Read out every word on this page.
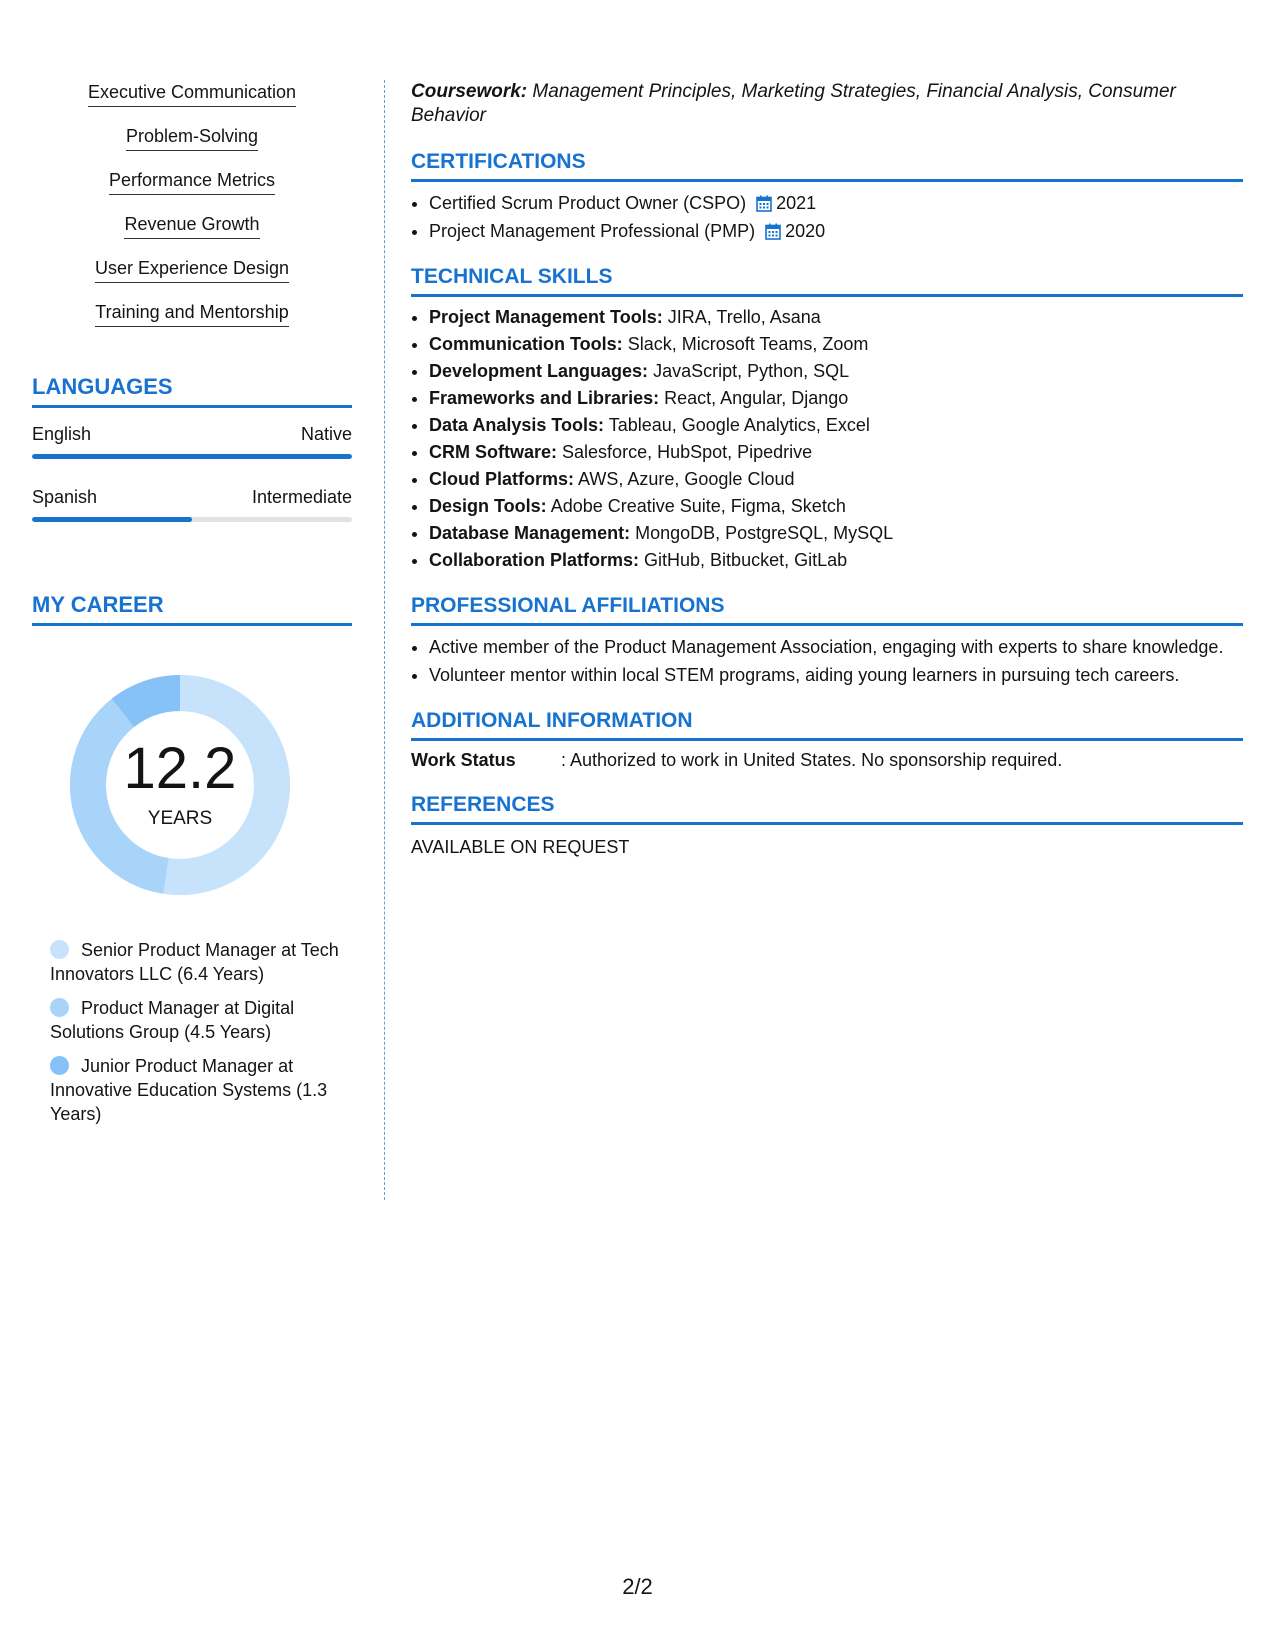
Executive Communication
Problem-Solving
Performance Metrics
Revenue Growth
User Experience Design
Training and Mentorship
LANGUAGES
English	Native
Spanish	Intermediate
MY CAREER
12.2
YEARS
Senior Product Manager at Tech Innovators LLC (6.4 Years)
Product Manager at Digital Solutions Group (4.5 Years)
Junior Product Manager at Innovative Education Systems (1.3 Years)

Coursework: Management Principles, Marketing Strategies, Financial Analysis, Consumer Behavior

CERTIFICATIONS
• Certified Scrum Product Owner (CSPO) 2021
• Project Management Professional (PMP) 2020
TECHNICAL SKILLS
• Project Management Tools: JIRA, Trello, Asana
• Communication Tools: Slack, Microsoft Teams, Zoom
• Development Languages: JavaScript, Python, SQL
• Frameworks and Libraries: React, Angular, Django
• Data Analysis Tools: Tableau, Google Analytics, Excel
• CRM Software: Salesforce, HubSpot, Pipedrive
• Cloud Platforms: AWS, Azure, Google Cloud
• Design Tools: Adobe Creative Suite, Figma, Sketch
• Database Management: MongoDB, PostgreSQL, MySQL
• Collaboration Platforms: GitHub, Bitbucket, GitLab
PROFESSIONAL AFFILIATIONS
• Active member of the Product Management Association, engaging with experts to share knowledge.
• Volunteer mentor within local STEM programs, aiding young learners in pursuing tech careers.
ADDITIONAL INFORMATION
Work Status	: Authorized to work in United States. No sponsorship required.
REFERENCES
AVAILABLE ON REQUEST
2/2
